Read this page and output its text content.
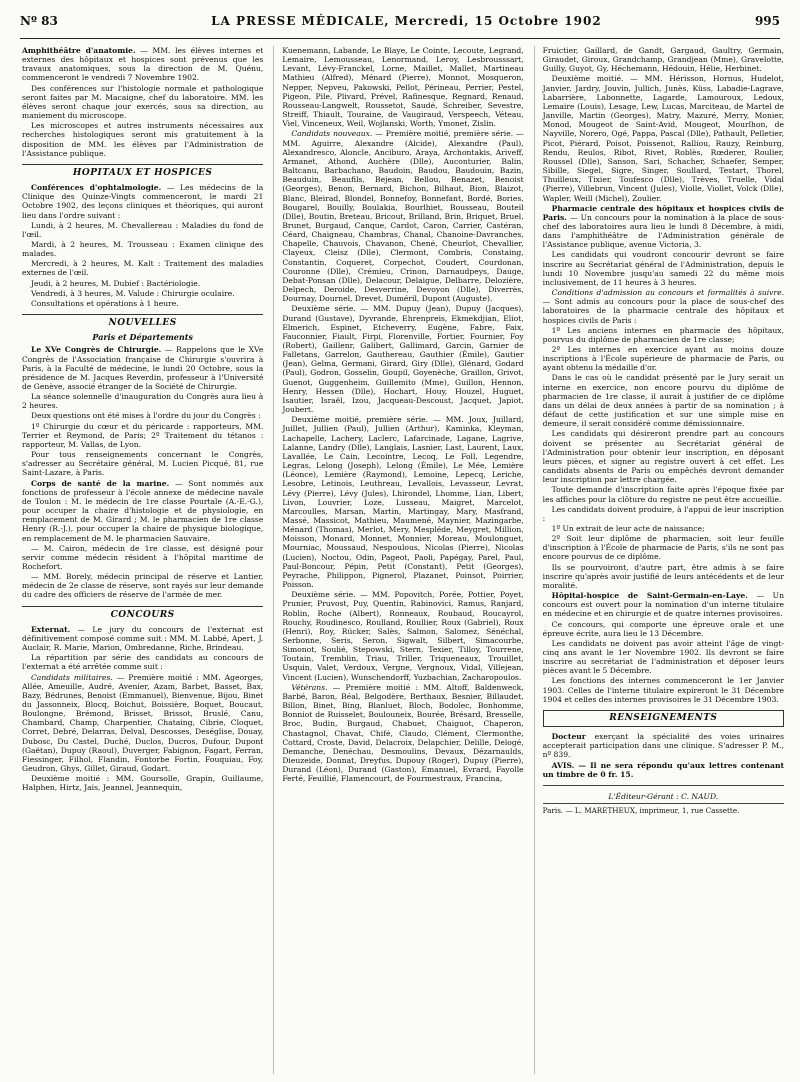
Nº 83	LA PRESSE MÉDICALE, Mercredi, 15 Octobre 1902	995

Amphithéâtre d'anatomie. — MM. les élèves internes et externes des hôpitaux et hospices sont prévenus que les travaux anatomiques, sous la direction de M. Quénu, commenceront le vendredi 7 Novembre 1902.

Des conférences sur l'histologie normale et pathologique seront faites par M. Macaigne, chef du laboratoire. MM. les élèves seront chaque jour exercés, sous sa direction, au maniement du microscope.

Les microscopes et autres instruments nécessaires aux recherches histologiques seront mis gratuitement à la disposition de MM. les élèves par l'Administration de l'Assistance publique.

HOPITAUX ET HOSPICES

Conférences d'ophtalmologie. — Les médecins de la Clinique des Quinze-Vingts commenceront, le mardi 21 Octobre 1902, des leçons cliniques et théoriques, qui auront lieu dans l'ordre suivant :

Lundi, à 2 heures, M. Chevallereau : Maladies du fond de l'œil.

Mardi, à 2 heures, M. Trousseau : Examen clinique des malades.

Mercredi, à 2 heures, M. Kalt : Traitement des maladies externes de l'œil.

Jeudi, à 2 heures, M. Dubief : Bactériologie.

Vendredi, à 3 heures, M. Valude : Chirurgie oculaire.

Consultations et opérations à 1 heure.

NOUVELLES
Paris et Départements

Le XVe Congrès de Chirurgie. — Rappelons que le XVe Congrès de l'Association française de Chirurgie s'ouvrira à Paris, à la Faculté de médecine, le lundi 20 Octobre, sous la présidence de M. Jacques Reverdin, professeur à l'Université de Genève, associé étranger de la Société de Chirurgie.

La séance solennelle d'inauguration du Congrès aura lieu à 2 heures.

Deux questions ont été mises à l'ordre du jour du Congrès :

1º Chirurgie du cœur et du péricarde : rapporteurs, MM. Terrier et Reymond, de Paris; 2º Traitement du tétanos : rapporteur, M. Vallas, de Lyon.

Pour tous renseignements concernant le Congrès, s'adresser au Secrétaire général, M. Lucien Picqué, 81, rue Saint-Lazare, à Paris.

Corps de santé de la marine. — Sont nommés aux fonctions de professeur à l'école annexe de médecine navale de Toulon : M. le médecin de 1re classe Pourtale (A.-E.-G.), pour occuper la chaire d'histologie et de physiologie, en remplacement de M. Girard ; M. le pharmacien de 1re classe Henry (R.-J.), pour occuper la chaire de physique biologique, en remplacement de M. le pharmacien Sauvaire.

— M. Cairon, médecin de 1re classe, est désigné pour servir comme médecin résident à l'hôpital maritime de Rochefort.

— MM. Borely, médecin principal de réserve et Lantier, médecin de 2e classe de réserve, sont rayés sur leur demande du cadre des officiers de réserve de l'armée de mer.

CONCOURS

Externat. — Le jury du concours de l'externat est définitivement composé comme suit : MM. M. Labbé, Apert, J. Auclair, R. Marie, Marion, Ombredanne, Riche, Brindeau.

La répartition par série des candidats au concours de l'externat a été arrêtée comme suit :

Candidats militaires. — Première moitié : MM. Ageorges, Allée, Ameuille, Audré, Avenier, Azam, Barbet, Basset, Bax, Bazy, Bédrunes, Benoist (Emmanuel), Bienvenue, Bijou, Binet du Jassonneix, Blocq, Boichut, Boissière, Boquet, Boucaut, Boulongne, Brémond, Brisset, Brissot, Bruslé, Canu, Chambard, Champ, Charpentier, Chataing, Cibrie, Cloquet, Corret, Debré, Delarras, Delval, Descosses, Deséglise, Douay, Dubosc, Du Castel, Duché, Duclos, Ducros, Dufour, Dupont (Gaëtan), Dupuy (Raoul), Duverger, Fabignon, Fagart, Ferran, Fiessinger, Filhol, Flandin, Fontorbe Fortin, Fouquiau, Foy, Geudron, Ghys, Gillet, Giraud, Godart.

Deuxième moitié : MM. Goursolle, Grapin, Guillaume, Halphen, Hirtz, Jais, Jeannel, Jeannequin,

Kuenemann, Labande, Le Blaye, Le Cointe, Lecoute, Legrand, Lemaire, Lemousseau, Lenormand, Leroy, Lesbrousssart, Levant, Lévy-Franckel, Lorne, Maillet, Mallet, Martineau Mathieu (Alfred), Ménard (Pierre), Monnot, Mosqueron, Nepper, Nepveu, Pakowski, Pellot, Périneau, Perrier, Pestel, Pigeon, Pile, Plivard, Prével, Rafinesque, Regnard, Renaud, Rousseau-Langwelt, Roussetot, Saudé, Schreiber, Sevestre, Streiff, Thiault, Touraine, de Vaugiraud, Verspeech, Véteau, Viel, Vinceneux, Weil, Wojlanski, Worth, Ymonet, Zislin.

Candidats nouveaux. — Première moitié, première série. — MM. Aguirre, Alexandre (Alcide), Alexandre (Paul), Alexandresco, Aloncle, Anciburo, Araya, Archontakis, Ariveff, Armanet, Athond, Auchère (Dlle), Auconturier, Balin, Baltcanu, Barbachano, Baudoin, Baudou, Baudouin, Bazin, Beauduin, Beaufils, Bejean, Bellou, Benazet, Benoist (Georges), Benon, Bernard, Bichon, Bilhaut, Bion, Blaizot, Blanc, Bleirad, Blondel, Bonnefoy, Bonnefant, Bordé, Bories, Bougarel, Bouilly, Boulakia, Bourlhiet, Bousseau, Bouteil (Dlle), Boutin, Breteau, Bricout, Brilland, Brin, Briquet, Bruel, Brunet, Burgaud, Canque, Cardot, Caron, Carrier, Castéran, Céard, Chaigneau, Chambras, Chanal, Chanoine-Davranches, Chapelle, Chauvois, Chavanon, Chené, Cheurlot, Chevallier, Clayeux, Cleisz (Dlle), Clermont, Combris, Constaing, Constantin, Coqueret, Corpechot, Coudert, Courdonan, Couronne (Dlle), Crémieu, Crinon, Darnaudpeys, Dauge, Debat-Ponsan (Dlle), Delacour, Delaigue, Delbarre, Delozière, Delpech, Deroide, Desverrine, Devoyon (Dlle), Diverrès, Dournay, Dournel, Drevet, Duméril, Dupont (Auguste).

Deuxième série. — MM. Dupuy (Jean), Dupuy (Jacques), Durand (Gustave), Dyvrande, Ehrenpreis, Ekmekdjian, Eliot, Elmerich, Espinet, Etcheverry, Eugène, Fabre, Faix, Fauconnier, Fiault, Firpi, Florenville, Fortier, Fournier, Foy (Robert), Gaillenr, Galibert, Gallimard, Garcin, Garnier de Falletans, Garrelon, Gauthereau, Gauthier (Émile), Gautier (Jean), Gelma, Germani, Girard, Giry (Dlle), Glénard, Godard (Paul), Godron, Gosselin, Goupil, Goyenèche, Graillon, Grivot, Guenot, Guggenheim, Guillemito (Mme), Guillon, Hennon, Henry, Hessen (Dlle), Hochart, Houy, Houzel, Huguet, Isautier, Israël, Izou, Jacqueau-Descoust, Jacquet, Japiot, Joubert.

Deuxième moitié, première série. — MM. Joux, Juillard, Juillet, Jullien (Paul), Jullien (Arthur), Kaminka, Kleyman, Lachapelle, Lachery, Laclerc, Lafarcinade, Lagane, Lagrive, Lalanne, Landry (Dlle), Langlais, Lasnier, Last, Laurent, Laux, Lavallée, Le Cain, Lecointre, Lecoq, Le Foll, Legendre, Legras, Lelong (Joseph), Lelong (Émile), Le Mée, Lemière (Léonce), Lemière (Raymond), Lemoine, Lepecq, Leriche, Lesobre, Letinois, Leuthreau, Levallois, Levasseur, Levrat, Lévy (Pierre), Lévy (Jules), Lhirondel, Lhomme, Lian, Libert, Livon, Louvrier, Loze, Lusseau, Maigret, Marcelot, Marcoulles, Marsan, Martin, Martingay, Mary, Masfrand, Massé, Massicot, Mathieu, Maumené, Maynier, Mazingarbe, Ménard (Thomas), Merlot, Mery, Mespléde, Meygret, Million, Moisson, Monard, Monnet, Monnier, Moreau, Moulonguet, Mourniac, Moussaud, Nespoulous, Nicolas (Pierre), Nicolas (Lucien), Noctou, Odin, Pageot, Paoli, Papégay, Parel, Paul, Paul-Boncour, Pépin, Petit (Constant), Petit (Georges), Peyrache, Philippon, Pignerol, Plazanet, Poinsot, Poirrier, Poisson.

Deuxième série. — MM. Popovitch, Porée, Pottier, Poyet, Prunier, Pruvost, Puy, Quentin, Rabinovici, Ramus, Ranjard, Roblin, Roche (Albert), Ronneaux, Roubaud, Roucayrol, Rouchy, Roudinesco, Roulland, Roullier, Roux (Gabriel), Roux (Henri), Roy, Rücker, Salès, Salmon, Salomez, Sénéchal, Serbonne, Seris, Seron, Sigwalt, Silbert, Simacourbe, Simonot, Soulié, Stepowski, Stern, Texier, Tilloy, Tourrene, Toutain, Tremblin, Triau, Triller, Triqueneaux, Trouillet, Usquin, Valet, Verdoux, Vergne, Vergnoux, Vidal, Villejean, Vincent (Lucien), Wunschendorff, Yuzbachian, Zacharopoulos.

Vétérans. — Première moitié : MM. Altoff, Baldenweck, Barbé, Baron, Béal, Belgodère, Berthaux, Besnier, Billaudet, Billon, Binet, Bing, Blanluet, Bloch, Bodolec, Bonhomme, Bonniot de Ruisselet, Boulouneix, Bourée, Brésard, Bresselle, Broc, Budin, Burgaud, Chabuet, Chaiguot, Chaperon, Chastagnol, Chavat, Chifé, Claudo, Clément, Clermonthe, Cottard, Croste, David, Delacroix, Delapchier, Delille, Delogé, Demanche, Denéchau, Desmoulins, Devaux, Dézarnaulds, Dieuzeide, Donnat, Dreyfus, Dupouy (Roger), Dupuy (Pierre), Durand (Léon), Durand (Gaston), Emanuel, Evrard, Fayolle Ferté, Feuillié, Flamencourt, de Fourmestraux, Francina,

Fruictier, Gaillard, de Gandt, Gargaud, Gaultry, Germain, Giraudet, Giroux, Grandchamp, Grandjean (Mme), Gravelotte, Guilly, Guyot, Gy, Héchemann, Hédouin, Hélie, Herbinet.

Deuxième moitié. — MM. Hérisson, Hornus, Hudelot, Janvier, Jardry, Jouvin, Jullich, Junès, Küss, Labadie-Lagrave, Labarrière, Labonnette, Lagarde, Lamouroux, Ledoux, Lemaire (Louis), Lesage, Lew, Lucas, Marciteau, de Martel de Janville, Martin (Georges), Matry, Mazuré, Merry, Monier, Monod, Mougeot de Saint-Avid, Mougeot, Mourlhon, de Nayville, Norero, Ogé, Pappa, Pascal (Dlle), Pathault, Pelletier, Picot, Piérard, Poisot, Poissenot, Ralliou, Rauzy, Reinburg, Rendu, Reulos, Ribot, Rivet, Roblès, Rœderer, Roulier, Roussel (Dlle), Sanson, Sari, Schacher, Schaefer, Semper, Sibille, Siegel, Sigre, Singer, Soullard, Testart, Thorel, Thuilleux, Tixier, Toufesco (Dlle), Trèves, Truelle, Vidal (Pierre), Villebrun, Vincent (Jules), Violle, Viollet, Volck (Dlle), Wapler, Weill (Michel), Zoulier.

Pharmacie centrale des hôpitaux et hospices civils de Paris. — Un concours pour la nomination à la place de sous-chef des laboratoires aura lieu le lundi 8 Décembre, à midi, dans l'amphithéâtre de l'Administration générale de l'Assistance publique, avenue Victoria, 3.

Les candidats qui voudront concourir devront se faire inscrire au Secrétariat général de l'Administration, depuis le lundi 10 Novembre jusqu'au samedi 22 du même mois inclusivement, de 11 heures à 3 heures.

Conditions d'admission au concours et formalités à suivre. — Sont admis au concours pour la place de sous-chef des laboratoires de la pharmacie centrale des hôpitaux et hospices civils de Paris :

1º Les anciens internes en pharmacie des hôpitaux, pourvus du diplôme de pharmacien de 1re classe;

2º Les internes en exercice ayant au moins douze inscriptions à l'École supérieure de pharmacie de Paris, ou ayant obtenu la médaille d'or.

Dans le cas où le candidat présenté par le Jury serait un interne en exercice, non encore pourvu du diplôme de pharmacien de 1re classe, il aurait à justifier de ce diplôme dans un délai de deux années à partir de sa nomination ; à défaut de cette justification et sur une simple mise en demeure, il serait considéré comme démissionnaire.

Les candidats qui désireront prendre part au concours doivent se présenter au Secrétariat général de l'Administration pour obtenir leur inscription, en déposant leurs pièces, et signer au registre ouvert à cet effet. Les candidats absents de Paris ou empêchés devront demander leur inscription par lettre chargée.

Toute demande d'inscription faite après l'époque fixée par les affiches pour la clôture du registre ne peut être accueillie.

Les candidats doivent produire, à l'appui de leur inscription :

1º Un extrait de leur acte de naissance;

2º Soit leur diplôme de pharmacien, soit leur feuille d'inscription à l'École de pharmacie de Paris, s'ils ne sont pas encore pourvus de ce diplôme.

Ils se pourvoiront, d'autre part, être admis à se faire inscrire qu'après avoir justifié de leurs antécédents et de leur moralité.

Hôpital-hospice de Saint-Germain-en-Laye. — Un concours est ouvert pour la nomination d'un interne titulaire en médecine et en chirurgie et de quatre internes provisoires.

Ce concours, qui comporte une épreuve orale et une épreuve écrite, aura lieu le 13 Décembre.

Les candidats ne doivent pas avoir atteint l'âge de vingt-cinq ans avant le 1er Novembre 1902. Ils devront se faire inscrire au secrétariat de l'administration et déposer leurs pièces avant le 5 Décembre.

Les fonctions des internes commenceront le 1er Janvier 1903. Celles de l'interne titulaire expireront le 31 Décembre 1904 et celles des internes provisoires le 31 Décembre 1903.

RENSEIGNEMENTS

Docteur exerçant la spécialité des voies urinaires accepterait participation dans une clinique. S'adresser P. M., nº 839.

AVIS. — Il ne sera répondu qu'aux lettres contenant un timbre de 0 fr. 15.

L'Éditeur-Gérant : C. NAUD.
Paris. — L. MARETHEUX, imprimeur, 1, rue Cassette.
